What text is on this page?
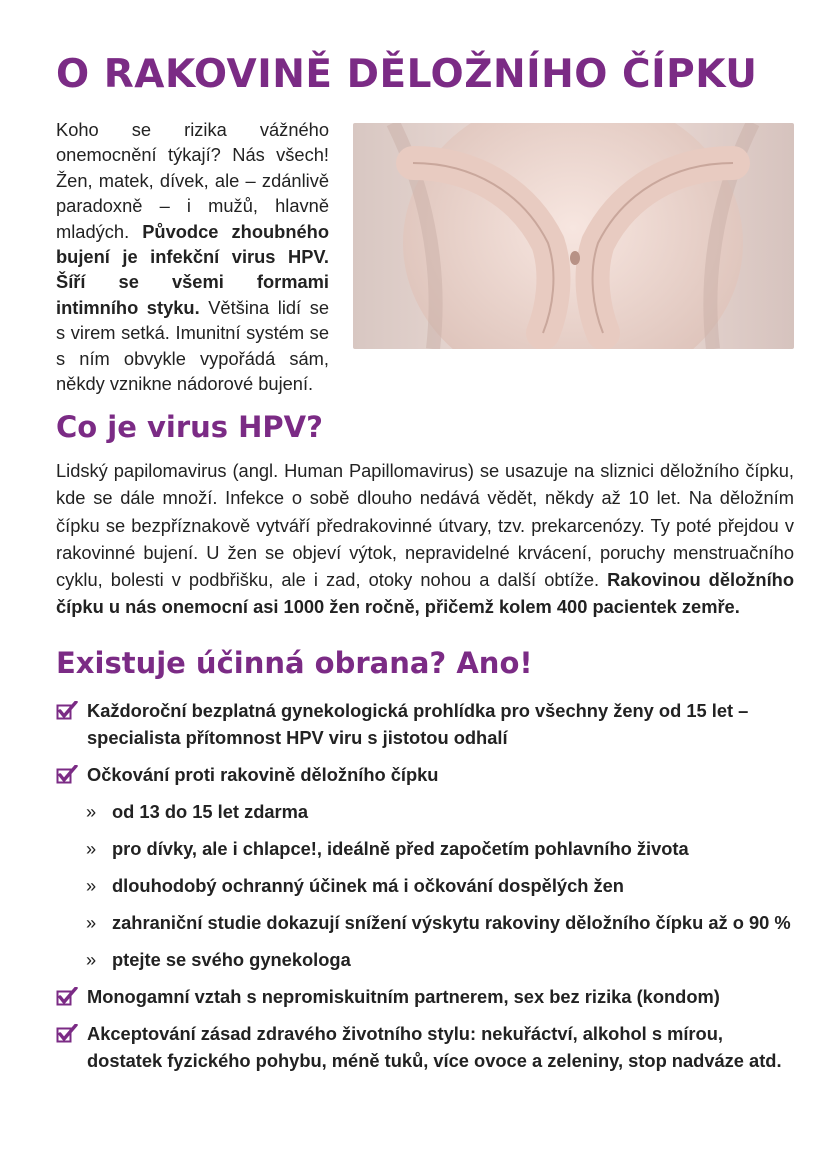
O RAKOVINĚ DĚLOŽNÍHO ČÍPKU
Koho se rizika vážného onemocnění týkají? Nás všech! Žen, matek, dívek, ale – zdánlivě paradoxně – i mužů, hlavně mladých. Původce zhoubného bujení je infekční virus HPV. Šíří se všemi formami intimního styku. Většina lidí se s virem setká. Imunitní systém se s ním obvykle vypořádá sám, někdy vznikne nádorové bujení.
Co je virus HPV?

Lidský papilomavirus (angl. Human Papillomavirus) se usazuje na sliznici děložního čípku, kde se dále množí. Infekce o sobě dlouho nedává vědět, někdy až 10 let. Na děložním čípku se bezpříznakově vytváří předrakovinné útvary, tzv. prekarcenózy. Ty poté přejdou v rakovinné bujení. U žen se objeví výtok, nepravidelné krvácení, poruchy menstruačního cyklu, bolesti v podbřišku, ale i zad, otoky nohou a další obtíže. Rakovinou děložního čípku u nás onemocní asi 1000 žen ročně, přičemž kolem 400 pacientek zemře.

Existuje účinná obrana? Ano!
Každoroční bezplatná gynekologická prohlídka pro všechny ženy od 15 let – specialista přítomnost HPV viru s jistotou odhalí
Očkování proti rakovině děložního čípku
» od 13 do 15 let zdarma
» pro dívky, ale i chlapce!, ideálně před započetím pohlavního života
» dlouhodobý ochranný účinek má i očkování dospělých žen
» zahraniční studie dokazují snížení výskytu rakoviny děložního čípku až o 90 %
» ptejte se svého gynekologa
Monogamní vztah s nepromiskuitním partnerem, sex bez rizika (kondom)
Akceptování zásad zdravého životního stylu: nekuřáctví, alkohol s mírou, dostatek fyzického pohybu, méně tuků, více ovoce a zeleniny, stop nadváze atd.
